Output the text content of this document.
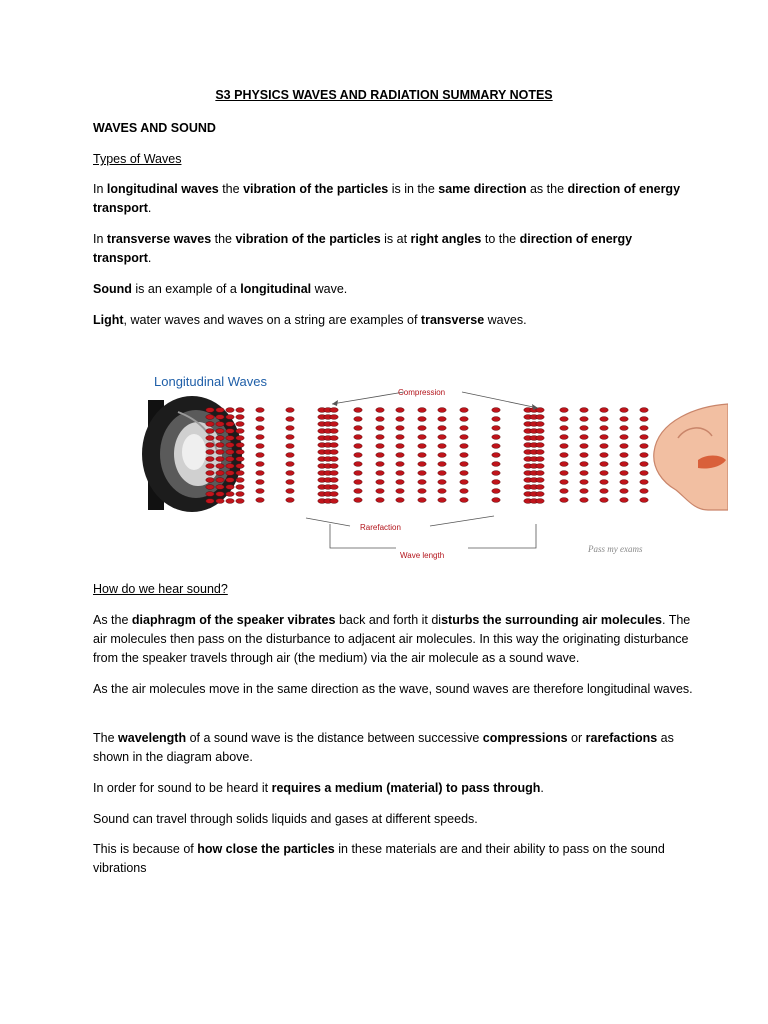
S3 PHYSICS WAVES AND RADIATION SUMMARY NOTES

WAVES AND SOUND

Types of Waves

In longitudinal waves the vibration of the particles is in the same direction as the direction of energy transport.

In transverse waves the vibration of the particles is at right angles to the direction of energy transport.

Sound is an example of a longitudinal wave.

Light, water waves and waves on a string are examples of transverse waves.

Longitudinal Waves
Compression
Rarefaction
Wave length
Pass my exams

How do we hear sound?

As the diaphragm of the speaker vibrates back and forth it disturbs the surrounding air molecules. The air molecules then pass on the disturbance to adjacent air molecules. In this way the originating disturbance from the speaker travels through air (the medium) via the air molecule as a sound wave.

As the air molecules move in the same direction as the wave, sound waves are therefore longitudinal waves.

The wavelength of a sound wave is the distance between successive compressions or rarefactions as shown in the diagram above.

In order for sound to be heard it requires a medium (material) to pass through.

Sound can travel through solids liquids and gases at different speeds.

This is because of how close the particles in these materials are and their ability to pass on the sound vibrations
